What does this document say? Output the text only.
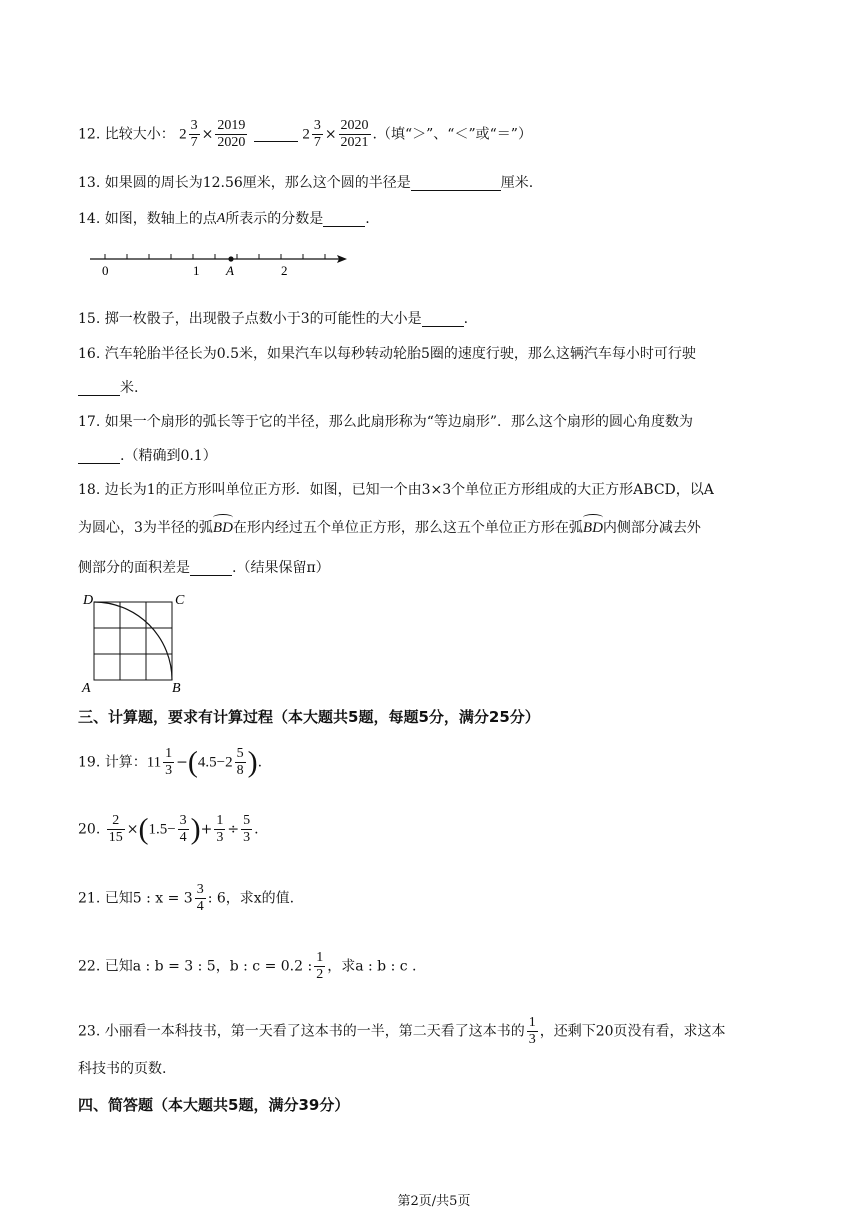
12. 比较大小： $2 \frac{3}{7} \times \frac{2019}{2020}$	$2 \frac{3}{7} \times \frac{2020}{2021}$ .（填“＞”、“＜”或“＝”）
13. 如果圆的周长为12.56厘米，那么这个圆的半径是	厘米.
14. 如图，数轴上的点A所表示的分数是	.
0	1 A	2
15. 掷一枚骰子，出现骰子点数小于3的可能性的大小是	.
16. 汽车轮胎半径长为0.5米，如果汽车以每秒转动轮胎5圈的速度行驶，那么这辆汽车每小时可行驶
米.
17. 如果一个扇形的弧长等于它的半径，那么此扇形称为“等边扇形”．那么这个扇形的圆心角度数为
.（精确到0.1）
18. 边长为1的正方形叫单位正方形．如图，已知一个由3×3个单位正方形组成的大正方形ABCD，以A
为圆心，3为半径的弧BD在形内经过五个单位正方形，那么这五个单位正方形在弧BD内侧部分减去外
侧部分的面积差是	.（结果保留π）
D	C
A	B
三、计算题，要求有计算过程（本大题共5题，每题5分，满分25分）
19. 计算：$11 \frac{1}{3} -(4.5-2 \frac{5}{8}$ ).
20. $\frac{2}{15} \times(1.5- \frac{3}{4}$ )+ $\frac{1}{3} \div \frac{5}{3}$ .
21. 已知5 : $x = 3 \frac{3}{4}$ : 6，求x的值.
22. 已知a : b = 3 : 5，b : c = 0.2 : $\frac{1}{2}$ ，求a : b : c .
23. 小丽看一本科技书，第一天看了这本书的一半，第二天看了这本书的 $\frac{1}{3}$ ，还剩下20页没有看，求这本
科技书的页数.
四、简答题（本大题共5题，满分39分）
第2页/共5页
